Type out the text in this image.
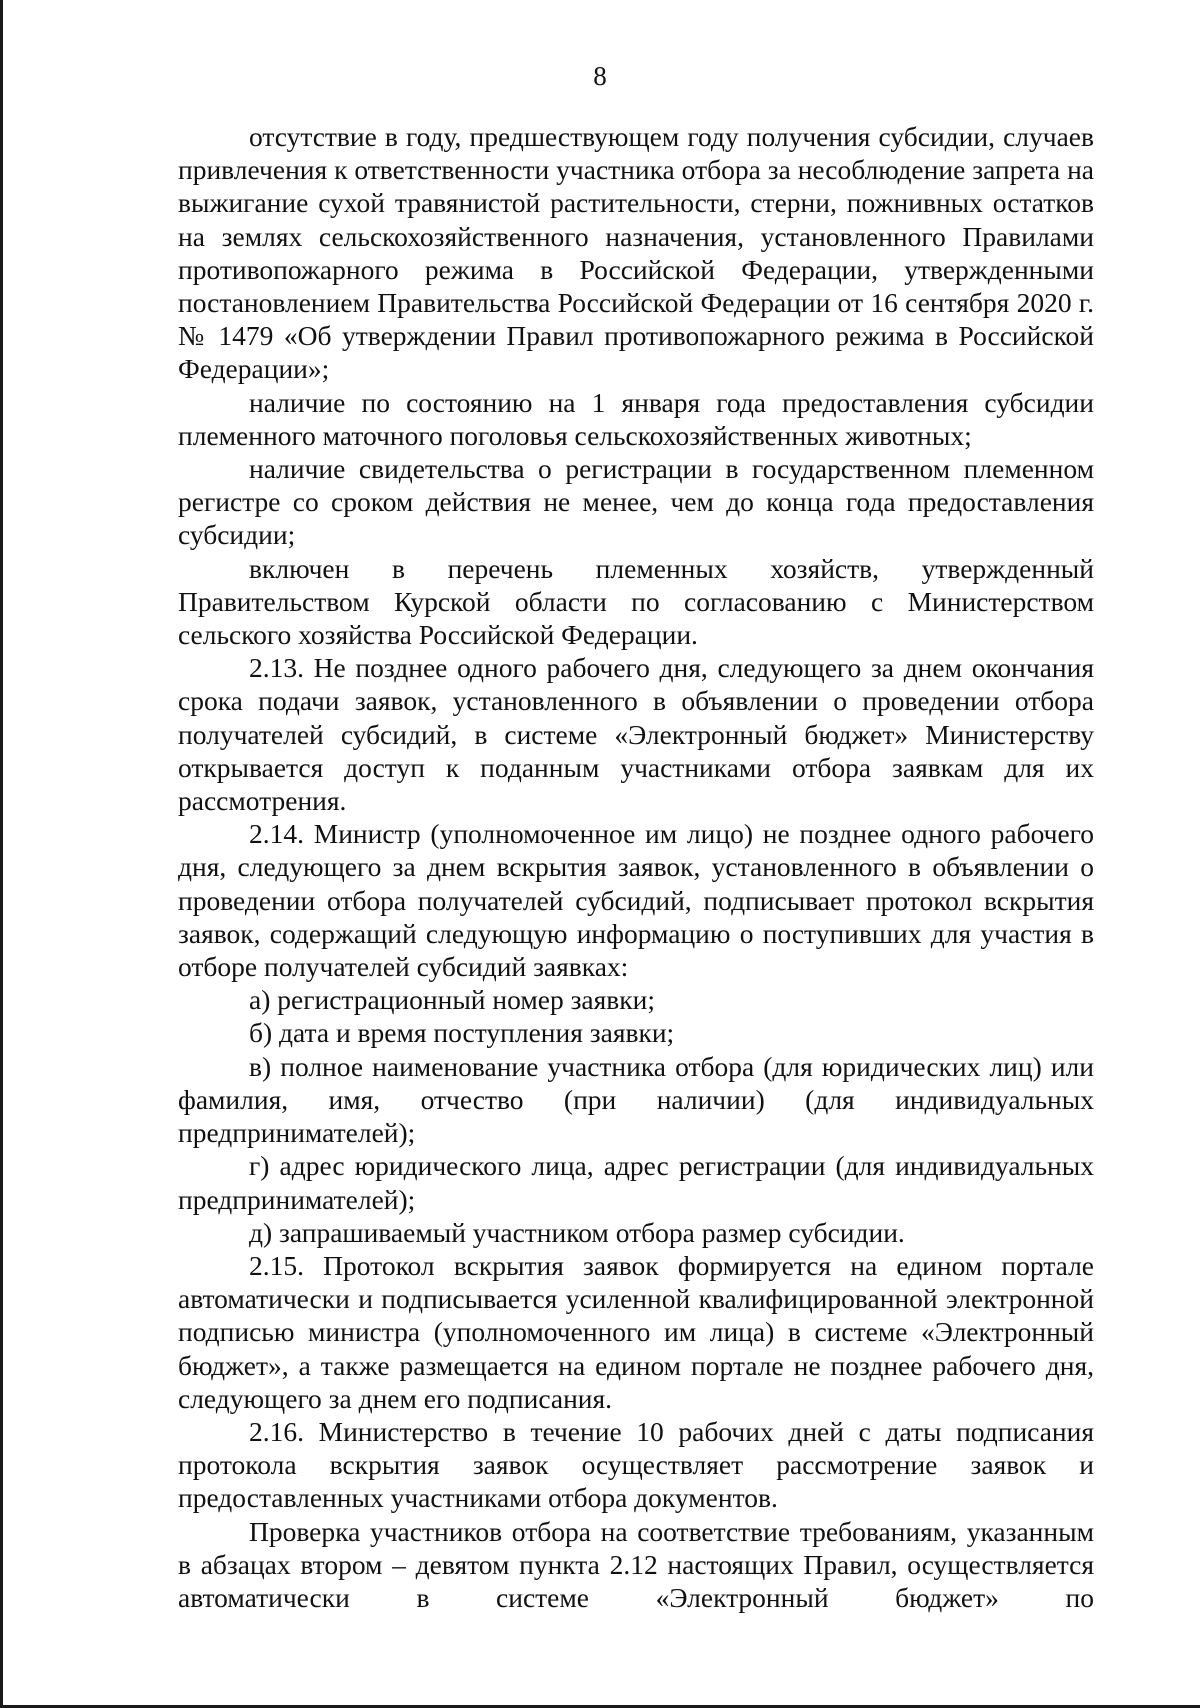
8

отсутствие в году, предшествующем году получения субсидии, случаев привлечения к ответственности участника отбора за несоблюдение запрета на выжигание сухой травянистой растительности, стерни, пожнивных остатков на землях сельскохозяйственного назначения, установленного Правилами противопожарного режима в Российской Федерации, утвержденными постановлением Правительства Российской Федерации от 16 сентября 2020 г. № 1479 «Об утверждении Правил противопожарного режима в Российской Федерации»;

наличие по состоянию на 1 января года предоставления субсидии племенного маточного поголовья сельскохозяйственных животных;

наличие свидетельства о регистрации в государственном племенном регистре со сроком действия не менее, чем до конца года предоставления субсидии;

включен в перечень племенных хозяйств, утвержденный Правительством Курской области по согласованию с Министерством сельского хозяйства Российской Федерации.

2.13. Не позднее одного рабочего дня, следующего за днем окончания срока подачи заявок, установленного в объявлении о проведении отбора получателей субсидий, в системе «Электронный бюджет» Министерству открывается доступ к поданным участниками отбора заявкам для их рассмотрения.

2.14. Министр (уполномоченное им лицо) не позднее одного рабочего дня, следующего за днем вскрытия заявок, установленного в объявлении о проведении отбора получателей субсидий, подписывает протокол вскрытия заявок, содержащий следующую информацию о поступивших для участия в отборе получателей субсидий заявках:

а) регистрационный номер заявки;

б) дата и время поступления заявки;

в) полное наименование участника отбора (для юридических лиц) или фамилия, имя, отчество (при наличии) (для индивидуальных предпринимателей);

г) адрес юридического лица, адрес регистрации (для индивидуальных предпринимателей);

д) запрашиваемый участником отбора размер субсидии.

2.15. Протокол вскрытия заявок формируется на едином портале автоматически и подписывается усиленной квалифицированной электронной подписью министра (уполномоченного им лица) в системе «Электронный бюджет», а также размещается на едином портале не позднее рабочего дня, следующего за днем его подписания.

2.16. Министерство в течение 10 рабочих дней с даты подписания протокола вскрытия заявок осуществляет рассмотрение заявок и предоставленных участниками отбора документов.

Проверка участников отбора на соответствие требованиям, указанным в абзацах втором – девятом пункта 2.12 настоящих Правил, осуществляется автоматически в системе «Электронный бюджет» по
